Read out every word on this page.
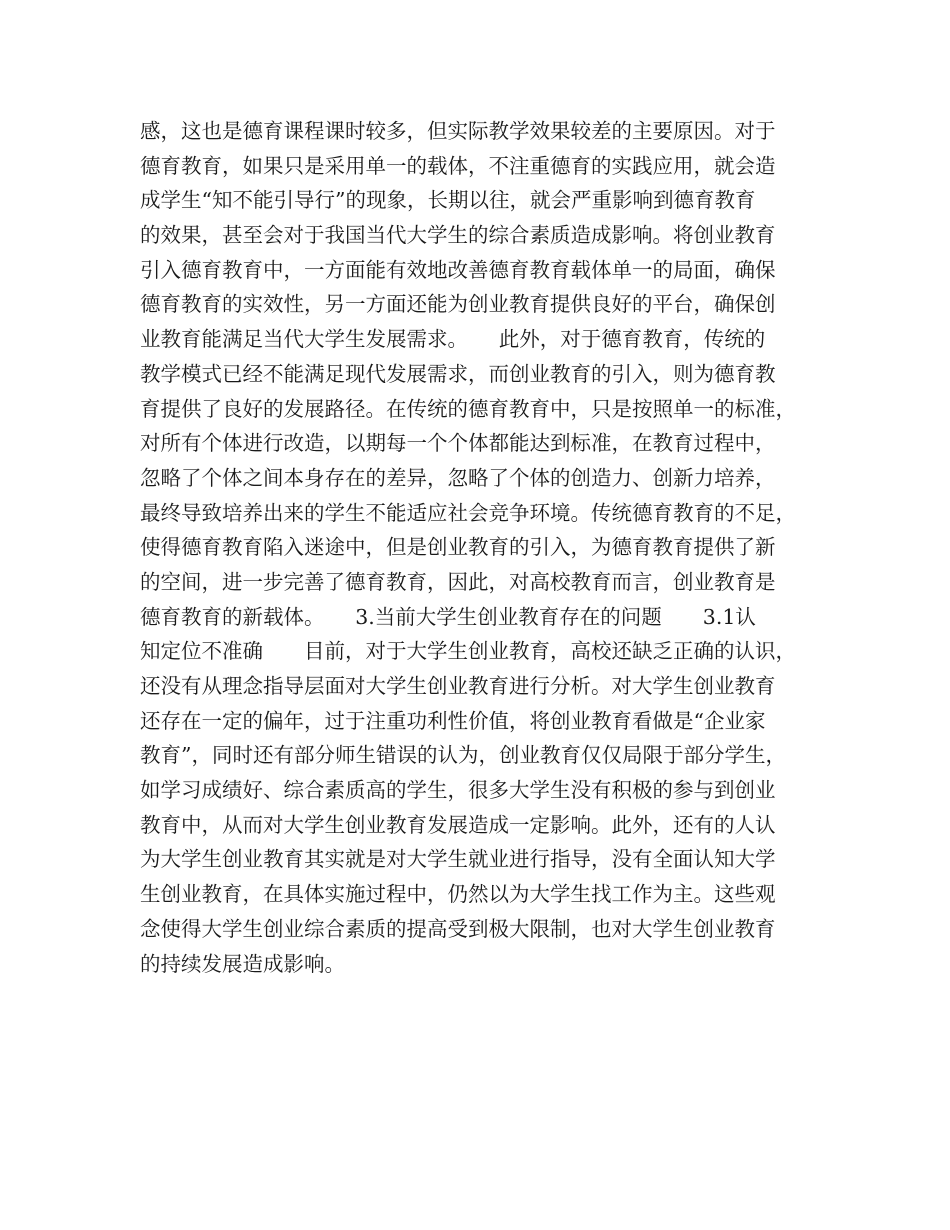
感，这也是德育课程课时较多，但实际教学效果较差的主要原因。对于
德育教育，如果只是采用单一的载体，不注重德育的实践应用，就会造
成学生“知不能引导行”的现象，长期以往，就会严重影响到德育教育
的效果，甚至会对于我国当代大学生的综合素质造成影响。将创业教育
引入德育教育中，一方面能有效地改善德育教育载体单一的局面，确保
德育教育的实效性，另一方面还能为创业教育提供良好的平台，确保创
业教育能满足当代大学生发展需求。　　此外，对于德育教育，传统的
教学模式已经不能满足现代发展需求，而创业教育的引入，则为德育教
育提供了良好的发展路径。在传统的德育教育中，只是按照单一的标准，
对所有个体进行改造，以期每一个个体都能达到标准，在教育过程中，
忽略了个体之间本身存在的差异，忽略了个体的创造力、创新力培养，
最终导致培养出来的学生不能适应社会竞争环境。传统德育教育的不足，
使得德育教育陷入迷途中，但是创业教育的引入，为德育教育提供了新
的空间，进一步完善了德育教育，因此，对高校教育而言，创业教育是
德育教育的新载体。　　3.当前大学生创业教育存在的问题　　3.1认
知定位不准确　　目前，对于大学生创业教育，高校还缺乏正确的认识，
还没有从理念指导层面对大学生创业教育进行分析。对大学生创业教育
还存在一定的偏年，过于注重功利性价值，将创业教育看做是“企业家
教育”，同时还有部分师生错误的认为，创业教育仅仅局限于部分学生，
如学习成绩好、综合素质高的学生，很多大学生没有积极的参与到创业
教育中，从而对大学生创业教育发展造成一定影响。此外，还有的人认
为大学生创业教育其实就是对大学生就业进行指导，没有全面认知大学
生创业教育，在具体实施过程中，仍然以为大学生找工作为主。这些观
念使得大学生创业综合素质的提高受到极大限制，也对大学生创业教育
的持续发展造成影响。
